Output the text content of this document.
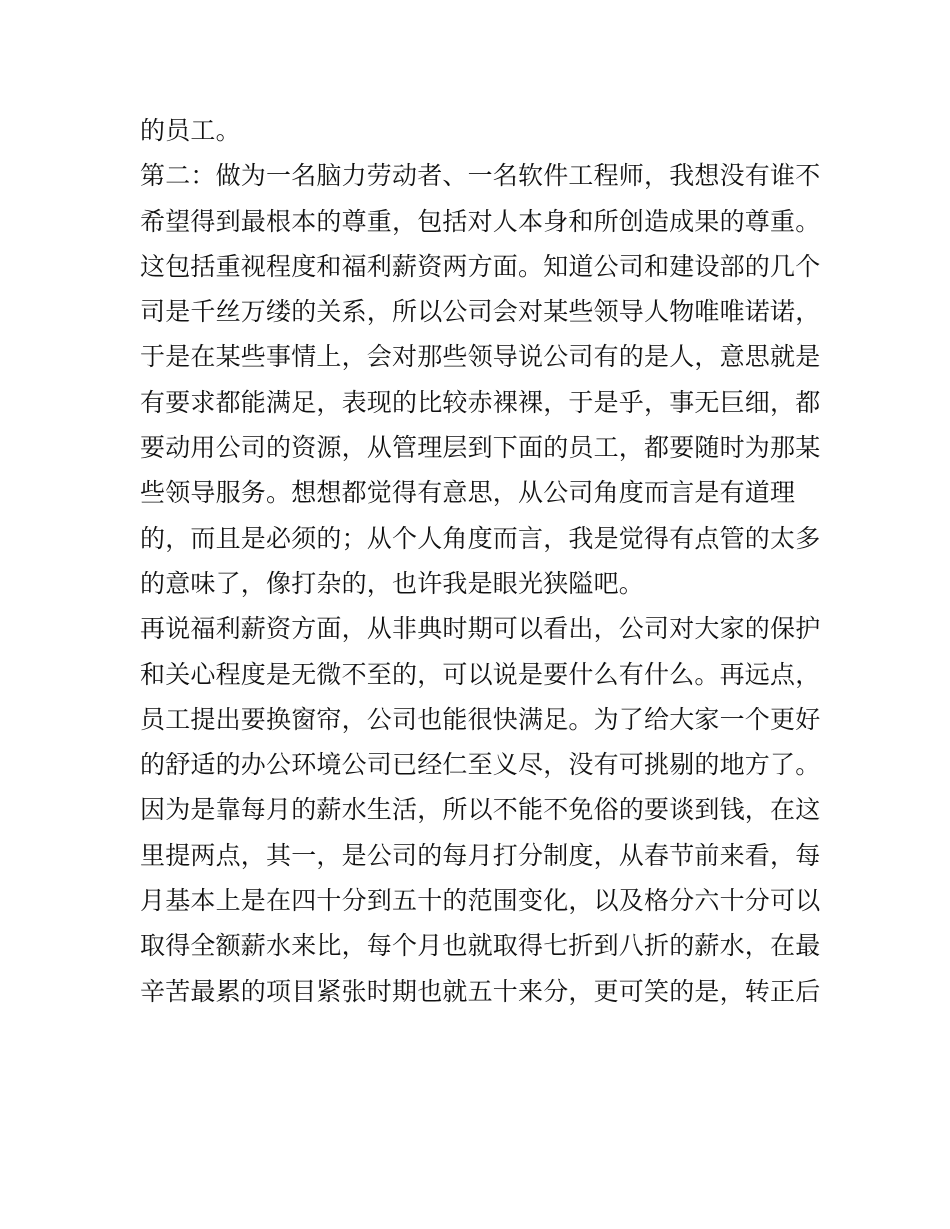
的员工。
第二：做为一名脑力劳动者、一名软件工程师，我想没有谁不
希望得到最根本的尊重，包括对人本身和所创造成果的尊重。
这包括重视程度和福利薪资两方面。知道公司和建设部的几个
司是千丝万缕的关系，所以公司会对某些领导人物唯唯诺诺，
于是在某些事情上，会对那些领导说公司有的是人，意思就是
有要求都能满足，表现的比较赤裸裸，于是乎，事无巨细，都
要动用公司的资源，从管理层到下面的员工，都要随时为那某
些领导服务。想想都觉得有意思，从公司角度而言是有道理
的，而且是必须的；从个人角度而言，我是觉得有点管的太多
的意味了，像打杂的，也许我是眼光狭隘吧。
再说福利薪资方面，从非典时期可以看出，公司对大家的保护
和关心程度是无微不至的，可以说是要什么有什么。再远点，
员工提出要换窗帘，公司也能很快满足。为了给大家一个更好
的舒适的办公环境公司已经仁至义尽，没有可挑剔的地方了。
因为是靠每月的薪水生活，所以不能不免俗的要谈到钱，在这
里提两点，其一，是公司的每月打分制度，从春节前来看，每
月基本上是在四十分到五十的范围变化，以及格分六十分可以
取得全额薪水来比，每个月也就取得七折到八折的薪水，在最
辛苦最累的项目紧张时期也就五十来分，更可笑的是，转正后
